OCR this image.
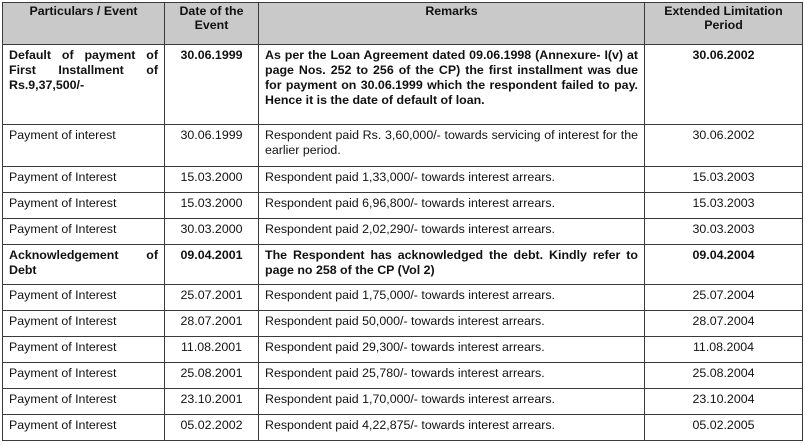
Particulars / Event	Date of the Event	Remarks	Extended Limitation Period
Default of payment of First Installment of Rs.9,37,500/-	30.06.1999	As per the Loan Agreement dated 09.06.1998 (Annexure- I(v) at page Nos. 252 to 256 of the CP) the first installment was due for payment on 30.06.1999 which the respondent failed to pay. Hence it is the date of default of loan.	30.06.2002
Payment of interest	30.06.1999	Respondent paid Rs. 3,60,000/- towards servicing of interest for the earlier period.	30.06.2002
Payment of Interest	15.03.2000	Respondent paid 1,33,000/- towards interest arrears.	15.03.2003
Payment of Interest	15.03.2000	Respondent paid 6,96,800/- towards interest arrears.	15.03.2003
Payment of Interest	30.03.2000	Respondent paid 2,02,290/- towards interest arrears.	30.03.2003
Acknowledgement of Debt	09.04.2001	The Respondent has acknowledged the debt. Kindly refer to page no 258 of the CP (Vol 2)	09.04.2004
Payment of Interest	25.07.2001	Respondent paid 1,75,000/- towards interest arrears.	25.07.2004
Payment of Interest	28.07.2001	Respondent paid 50,000/- towards interest arrears.	28.07.2004
Payment of Interest	11.08.2001	Respondent paid 29,300/- towards interest arrears.	11.08.2004
Payment of Interest	25.08.2001	Respondent paid 25,780/- towards interest arrears.	25.08.2004
Payment of Interest	23.10.2001	Respondent paid 1,70,000/- towards interest arrears.	23.10.2004
Payment of Interest	05.02.2002	Respondent paid 4,22,875/- towards interest arrears.	05.02.2005
